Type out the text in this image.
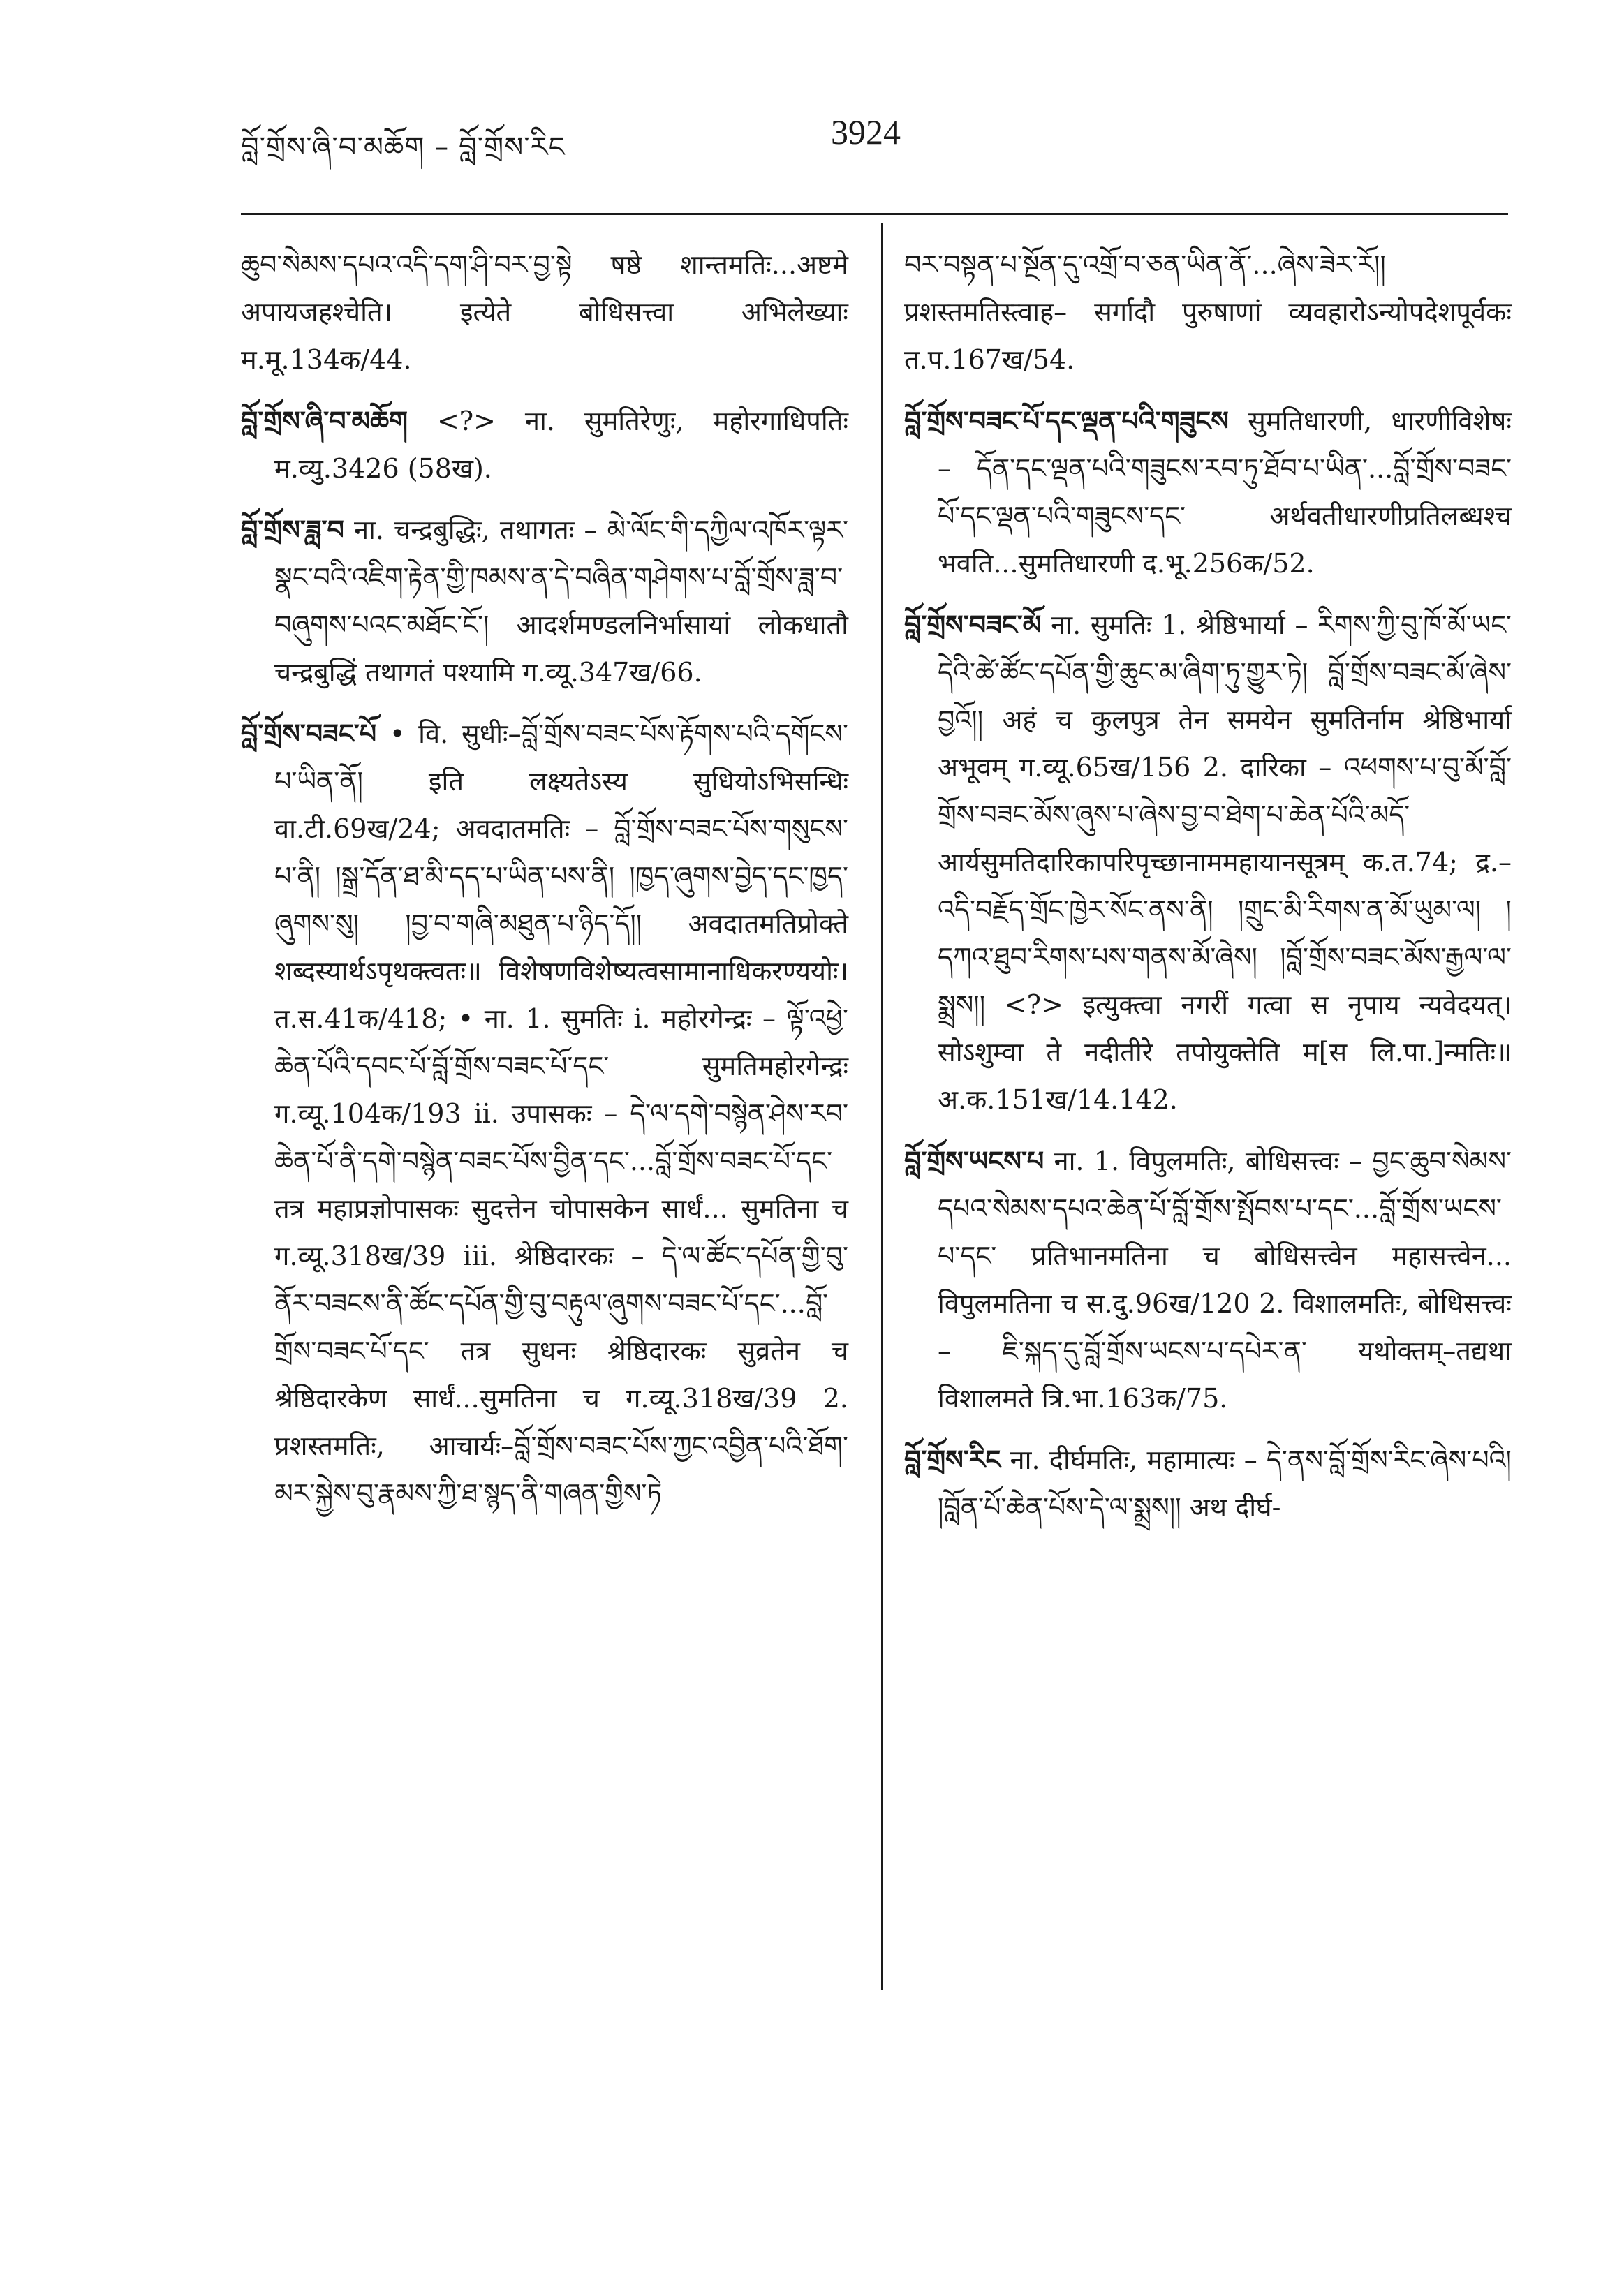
བློ་གྲོས་ཞི་བ་མཆོག – བློ་གྲོས་རིང	3924

ཆུབ་སེམས་དཔའ་འདི་དག་ཤི་བར་བྱ་སྟེ षष्ठे शान्तमतिः...अष्टमे अपायजहश्चेति। इत्येते बोधिसत्त्वा अभिलेख्याः म.मू.134क/44.

བློ་གྲོས་ཞི་བ་མཆོག <?> ना. सुमतिरेणुः, महोरगाधिपतिः म.व्यु.3426 (58ख).

བློ་གྲོས་ཟླ་བ ना. चन्द्रबुद्धिः, तथागतः – མེ་ལོང་གི་དཀྱིལ་འཁོར་ལྟར་སྣང་བའི་འཇིག་རྟེན་གྱི་ཁམས་ན་དེ་བཞིན་གཤེགས་པ་བློ་གྲོས་ཟླ་བ་བཞུགས་པའང་མཐོང་ངོ༌། आदर्शमण्डलनिर्भासायां लोकधातौ चन्द्रबुद्धिं तथागतं पश्यामि ग.व्यू.347ख/66.

བློ་གྲོས་བཟང་པོ • वि. सुधीः–བློ་གྲོས་བཟང་པོས་རྟོགས་པའི་དགོངས་པ་ཡིན་ནོ། इति लक्ष्यतेऽस्य सुधियोऽभिसन्धिः वा.टी.69ख/24; अवदातमतिः – བློ་གྲོས་བཟང་པོས་གསུངས་པ་ནི། །སྒྲ་དོན་ཐ་མི་དད་པ་ཡིན་པས་ནི། །ཁྱད་ཞུགས་བྱེད་དང་ཁྱད་ཞུགས་སུ། །བྱ་བ་གཞི་མཐུན་པ་ཉིད་དོ།། अवदातमतिप्रोक्ते शब्दस्यार्थऽपृथक्त्वतः॥ विशेषणविशेष्यत्वसामानाधिकरण्ययोः। त.स.41क/418; • ना. 1. सुमतिः i. महोरगेन्द्रः – ལྟོ་འཕྱེ་ཆེན་པོའི་དབང་པོ་བློ་གྲོས་བཟང་པོ་དང་ सुमतिमहोरगेन्द्रः ग.व्यू.104क/193 ii. उपासकः – དེ་ལ་དགེ་བསྙེན་ཤེས་རབ་ཆེན་པོ་ནི་དགེ་བསྙེན་བཟང་པོས་བྱིན་དང་...བློ་གྲོས་བཟང་པོ་དང་ तत्र महाप्रज्ञोपासकः सुदत्तेन चोपासकेन सार्धं... सुमतिना च ग.व्यू.318ख/39 iii. श्रेष्ठिदारकः – དེ་ལ་ཚོང་དཔོན་གྱི་བུ་ནོར་བཟངས་ནི་ཚོང་དཔོན་གྱི་བུ་བརྟུལ་ཞུགས་བཟང་པོ་དང་...བློ་གྲོས་བཟང་པོ་དང་ तत्र सुधनः श्रेष्ठिदारकः सुव्रतेन च श्रेष्ठिदारकेण सार्धं...सुमतिना च ग.व्यू.318ख/39 2. प्रशस्तमतिः, आचार्यः–བློ་གྲོས་བཟང་པོས་ཀྱང་འབྱིན་པའི་ཐོག་མར་སྐྱེས་བུ་རྣམས་ཀྱི་ཐ་སྙད་ནི་གཞན་གྱིས་ཏེ

བར་བསྟན་པ་སྔོན་དུ་འགྲོ་བ་ཅན་ཡིན་ནོ་...ཞེས་ཟེར་རོ།། प्रशस्तमतिस्त्वाह– सर्गादौ पुरुषाणां व्यवहारोऽन्योपदेशपूर्वकः त.प.167ख/54.

བློ་གྲོས་བཟང་པོ་དང་ལྡན་པའི་གཟུངས सुमतिधारणी, धारणीविशेषः – དོན་དང་ལྡན་པའི་གཟུངས་རབ་ཏུ་ཐོབ་པ་ཡིན་...བློ་གྲོས་བཟང་པོ་དང་ལྡན་པའི་གཟུངས་དང་ अर्थवतीधारणीप्रतिलब्धश्च भवति...सुमतिधारणी द.भू.256क/52.

བློ་གྲོས་བཟང་མོ ना. सुमतिः 1. श्रेष्ठिभार्या – རིགས་ཀྱི་བུ་ཁོ་མོ་ཡང་དེའི་ཚེ་ཚོང་དཔོན་གྱི་ཆུང་མ་ཞིག་ཏུ་གྱུར་ཏེ། བློ་གྲོས་བཟང་མོ་ཞེས་བྱའོ།། अहं च कुलपुत्र तेन समयेन सुमतिर्नाम श्रेष्ठिभार्या अभूवम् ग.व्यू.65ख/156 2. दारिका – འཕགས་པ་བུ་མོ་བློ་གྲོས་བཟང་མོས་ཞུས་པ་ཞེས་བྱ་བ་ཐེག་པ་ཆེན་པོའི་མདོ་ आर्यसुमतिदारिकापरिपृच्छानाममहायानसूत्रम् क.त.74; द्र.– འདི་བརྗོད་གྲོང་ཁྱེར་སོང་ནས་ནི། །གྲུང་མི་རིགས་ན་མོ་ཡུམ་ལ། །དཀའ་ཐུབ་རིགས་པས་གནས་མོ་ཞེས། །བློ་གྲོས་བཟང་མོས་རྒྱལ་ལ་སྨྲས།། <?> इत्युक्त्वा नगरीं गत्वा स नृपाय न्यवेदयत्। सोऽशुम्वा ते नदीतीरे तपोयुक्तेति म[स लि.पा.]न्मतिः॥ अ.क.151ख/14.142.

བློ་གྲོས་ཡངས་པ ना. 1. विपुलमतिः, बोधिसत्त्वः – བྱང་ཆུབ་སེམས་དཔའ་སེམས་དཔའ་ཆེན་པོ་བློ་གྲོས་སྤོབས་པ་དང་...བློ་གྲོས་ཡངས་པ་དང་ प्रतिभानमतिना च बोधिसत्त्वेन महासत्त्वेन... विपुलमतिना च स.दु.96ख/120 2. विशालमतिः, बोधिसत्त्वः – ཇི་སྐད་དུ་བློ་གྲོས་ཡངས་པ་དཔེར་ན་ यथोक्तम्–तद्यथा विशालमते त्रि.भा.163क/75.

བློ་གྲོས་རིང ना. दीर्घमतिः, महामात्यः – དེ་ནས་བློ་གྲོས་རིང་ཞེས་པའི། །བློན་པོ་ཆེན་པོས་དེ་ལ་སྨྲས།། अथ दीर्घ-
